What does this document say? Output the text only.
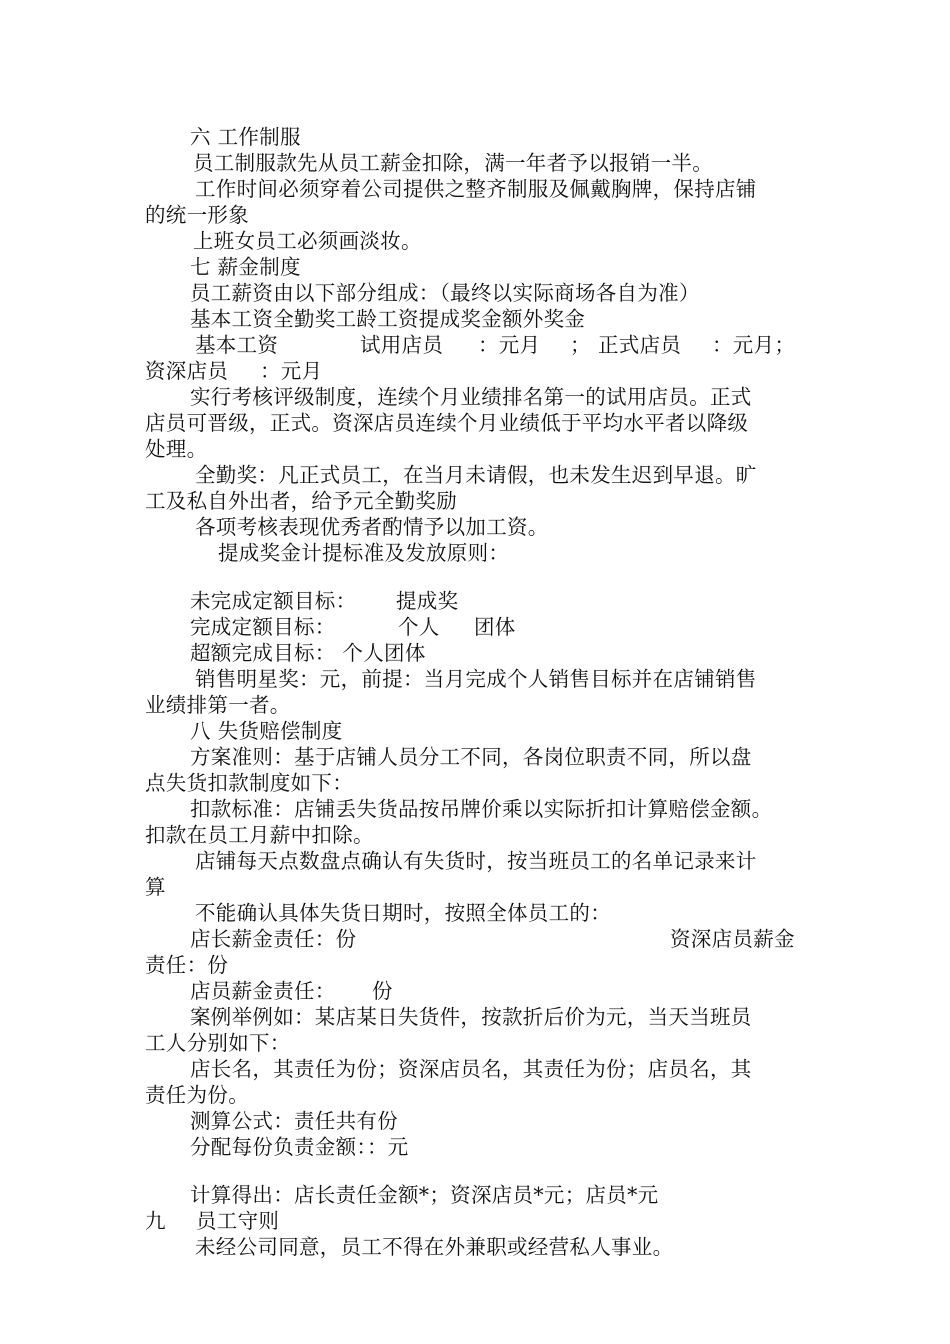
六 工作制服
员工制服款先从员工薪金扣除，满一年者予以报销一半。
工作时间必须穿着公司提供之整齐制服及佩戴胸牌，保持店铺
的统一形象
上班女员工必须画淡妆。
七 薪金制度
员工薪资由以下部分组成：（最终以实际商场各自为准）
基本工资全勤奖工龄工资提成奖金额外奖金
基本工资	试用店员 ：元月 ； 正式店员 ：元月；
资深店员 ：元月
实行考核评级制度，连续个月业绩排名第一的试用店员。正式
店员可晋级，正式。资深店员连续个月业绩低于平均水平者以降级
处理。
全勤奖：凡正式员工，在当月未请假，也未发生迟到早退。旷
工及私自外出者，给予元全勤奖励
各项考核表现优秀者酌情予以加工资。
提成奖金计提标准及发放原则：
未完成定额目标： 提成奖
完成定额目标：	个人 团体
超额完成目标： 个人团体
销售明星奖：元，前提：当月完成个人销售目标并在店铺销售
业绩排第一者。
八 失货赔偿制度
方案准则：基于店铺人员分工不同，各岗位职责不同，所以盘
点失货扣款制度如下：
扣款标准：店铺丢失货品按吊牌价乘以实际折扣计算赔偿金额。
扣款在员工月薪中扣除。
店铺每天点数盘点确认有失货时，按当班员工的名单记录来计
算
不能确认具体失货日期时，按照全体员工的：
店长薪金责任：份	资深店员薪金
责任：份
店员薪金责任： 份
案例举例如：某店某日失货件，按款折后价为元，当天当班员
工人分别如下：
店长名，其责任为份；资深店员名，其责任为份；店员名，其
责任为份。
测算公式：责任共有份
分配每份负责金额：：元
计算得出：店长责任金额*；资深店员*元；店员*元
九 员工守则
未经公司同意，员工不得在外兼职或经营私人事业。
